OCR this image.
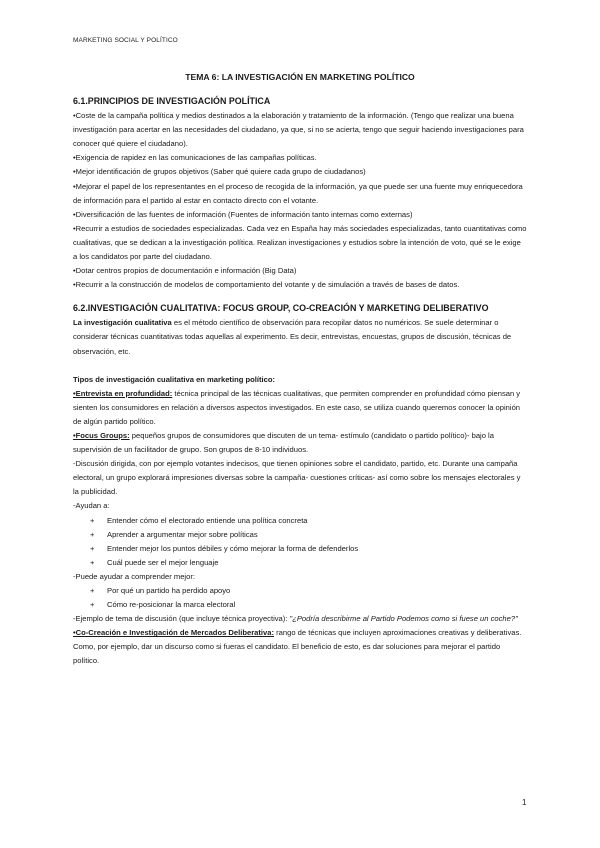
MARKETING SOCIAL Y POLÍTICO
TEMA 6: LA INVESTIGACIÓN EN MARKETING POLÍTICO
6.1.PRINCIPIOS DE INVESTIGACIÓN POLÍTICA
•Coste de la campaña política y medios destinados a la elaboración y tratamiento de la información. (Tengo que realizar una buena investigación para acertar en las necesidades del ciudadano, ya que, si no se acierta, tengo que seguir haciendo investigaciones para conocer qué quiere el ciudadano).
•Exigencia de rapidez en las comunicaciones de las campañas políticas.
•Mejor identificación de grupos objetivos (Saber qué quiere cada grupo de ciudadanos)
•Mejorar el papel de los representantes en el proceso de recogida de la información, ya que puede ser una fuente muy enriquecedora de información para el partido al estar en contacto directo con el votante.
•Diversificación de las fuentes de información (Fuentes de información tanto internas como externas)
•Recurrir a estudios de sociedades especializadas. Cada vez en España hay más sociedades especializadas, tanto cuantitativas como cualitativas, que se dedican a la investigación política. Realizan investigaciones y estudios sobre la intención de voto, qué se le exige a los candidatos por parte del ciudadano.
•Dotar centros propios de documentación e información (Big Data)
•Recurrir a la construcción de modelos de comportamiento del votante y de simulación a través de bases de datos.
6.2.INVESTIGACIÓN CUALITATIVA: FOCUS GROUP, CO-CREACIÓN Y MARKETING DELIBERATIVO

La investigación cualitativa es el método científico de observación para recopilar datos no numéricos. Se suele determinar o considerar técnicas cuantitativas todas aquellas al experimento. Es decir, entrevistas, encuestas, grupos de discusión, técnicas de observación, etc.

Tipos de investigación cualitativa en marketing político:

•Entrevista en profundidad: técnica principal de las técnicas cualitativas, que permiten comprender en profundidad cómo piensan y sienten los consumidores en relación a diversos aspectos investigados. En este caso, se utiliza cuando queremos conocer la opinión de algún partido político.

•Focus Groups: pequeños grupos de consumidores que discuten de un tema- estímulo (candidato o partido político)- bajo la supervisión de un facilitador de grupo. Son grupos de 8-10 individuos.

-Discusión dirigida, con por ejemplo votantes indecisos, que tienen opiniones sobre el candidato, partido, etc. Durante una campaña electoral, un grupo explorará impresiones diversas sobre la campaña- cuestiones críticas- así como sobre los mensajes electorales y la publicidad.

-Ayudan a:

+ Entender cómo el electorado entiende una política concreta
+ Aprender a argumentar mejor sobre políticas
+ Entender mejor los puntos débiles y cómo mejorar la forma de defenderlos
+ Cuál puede ser el mejor lenguaje

-Puede ayudar a comprender mejor:

+ Por qué un partido ha perdido apoyo
+ Cómo re-posicionar la marca electoral

-Ejemplo de tema de discusión (que incluye técnica proyectiva): "¿Podría describirme al Partido Podemos como si fuese un coche?"

•Co-Creación e Investigación de Mercados Deliberativa: rango de técnicas que incluyen aproximaciones creativas y deliberativas. Como, por ejemplo, dar un discurso como si fueras el candidato. El beneficio de esto, es dar soluciones para mejorar el partido político.

1
